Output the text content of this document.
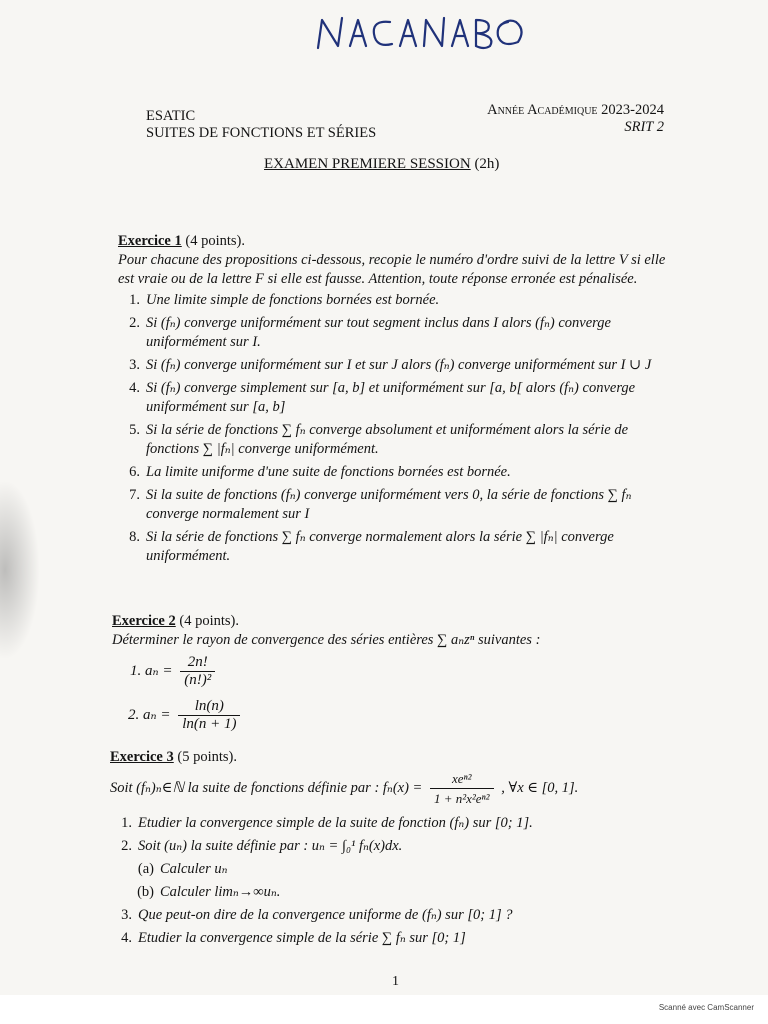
ESATIC
SUITES DE FONCTIONS ET SÉRIES
Année Académique 2023-2024
SRIT 2
EXAMEN PREMIERE SESSION (2h)
Exercice 1 (4 points).
Pour chacune des propositions ci-dessous, recopie le numéro d'ordre suivi de la lettre V si elle est vraie ou de la lettre F si elle est fausse. Attention, toute réponse erronée est pénalisée.
1. Une limite simple de fonctions bornées est bornée.
2. Si (fₙ) converge uniformément sur tout segment inclus dans I alors (fₙ) converge uniformément sur I.
3. Si (fₙ) converge uniformément sur I et sur J alors (fₙ) converge uniformément sur I ∪ J
4. Si (fₙ) converge simplement sur [a, b] et uniformément sur [a, b[ alors (fₙ) converge uniformément sur [a, b]
5. Si la série de fonctions ∑ fₙ converge absolument et uniformément alors la série de fonctions ∑ |fₙ| converge uniformément.
6. La limite uniforme d'une suite de fonctions bornées est bornée.
7. Si la suite de fonctions (fₙ) converge uniformément vers 0, la série de fonctions ∑ fₙ converge normalement sur I
8. Si la série de fonctions ∑ fₙ converge normalement alors la série ∑ |fₙ| converge uniformément.
Exercice 2 (4 points).
Déterminer le rayon de convergence des séries entières ∑ aₙzⁿ suivantes :
1. $a_n = \frac{2n!}{\text{(n!)²}}$
2. $a_n = \frac{\ln(n)}{\ln(n + 1)}$
Exercice 3 (5 points).
Soit (fₙ)ₙ∈ℕ la suite de fonctions définie par : $f_n(x) = \frac{\text{xeⁿ²}}{\text{1 + n²x²eⁿ²}}$ , ∀x ∈ [0, 1].
1. Etudier la convergence simple de la suite de fonction (fₙ) sur [0; 1].
2. Soit (uₙ) la suite définie par : uₙ = ∫₀¹ fₙ(x)dx.
(a) Calculer uₙ
(b) Calculer limₙ→∞uₙ.
3. Que peut-on dire de la convergence uniforme de (fₙ) sur [0; 1] ?
4. Etudier la convergence simple de la série ∑ fₙ sur [0; 1]
1
Scanné avec CamScanner
